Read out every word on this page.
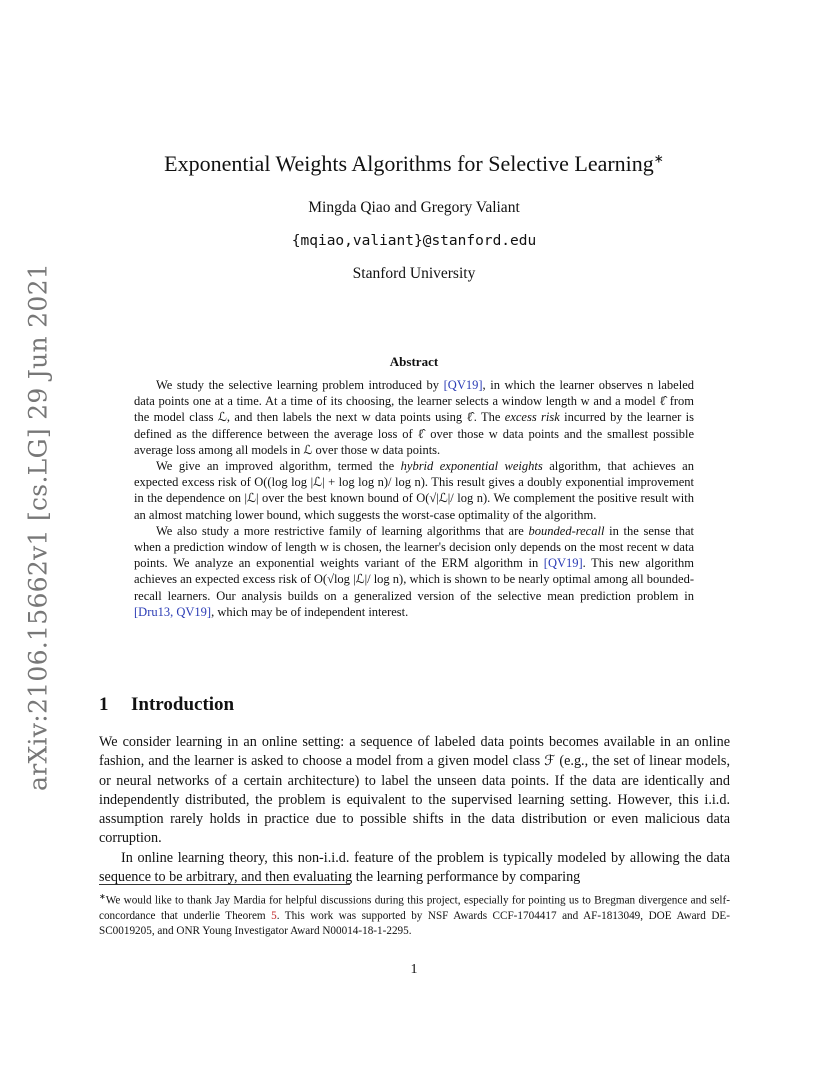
arXiv:2106.15662v1 [cs.LG] 29 Jun 2021
Exponential Weights Algorithms for Selective Learning∗
Mingda Qiao and Gregory Valiant
{mqiao,valiant}@stanford.edu
Stanford University
Abstract

We study the selective learning problem introduced by [QV19], in which the learner observes n labeled data points one at a time. At a time of its choosing, the learner selects a window length w and a model ℓ̂ from the model class ℒ, and then labels the next w data points using ℓ̂. The excess risk incurred by the learner is defined as the difference between the average loss of ℓ̂ over those w data points and the smallest possible average loss among all models in ℒ over those w data points.

We give an improved algorithm, termed the hybrid exponential weights algorithm, that achieves an expected excess risk of O((log log |ℒ| + log log n)/ log n). This result gives a doubly exponential improvement in the dependence on |ℒ| over the best known bound of O(√|ℒ|/ log n). We complement the positive result with an almost matching lower bound, which suggests the worst-case optimality of the algorithm.

We also study a more restrictive family of learning algorithms that are bounded-recall in the sense that when a prediction window of length w is chosen, the learner's decision only depends on the most recent w data points. We analyze an exponential weights variant of the ERM algorithm in [QV19]. This new algorithm achieves an expected excess risk of O(√log |ℒ|/ log n), which is shown to be nearly optimal among all bounded-recall learners. Our analysis builds on a generalized version of the selective mean prediction problem in [Dru13, QV19], which may be of independent interest.

1 Introduction

We consider learning in an online setting: a sequence of labeled data points becomes available in an online fashion, and the learner is asked to choose a model from a given model class ℱ (e.g., the set of linear models, or neural networks of a certain architecture) to label the unseen data points. If the data are identically and independently distributed, the problem is equivalent to the supervised learning setting. However, this i.i.d. assumption rarely holds in practice due to possible shifts in the data distribution or even malicious data corruption.

In online learning theory, this non-i.i.d. feature of the problem is typically modeled by allowing the data sequence to be arbitrary, and then evaluating the learning performance by comparing

∗We would like to thank Jay Mardia for helpful discussions during this project, especially for pointing us to Bregman divergence and self-concordance that underlie Theorem 5. This work was supported by NSF Awards CCF-1704417 and AF-1813049, DOE Award DE-SC0019205, and ONR Young Investigator Award N00014-18-1-2295.
1
